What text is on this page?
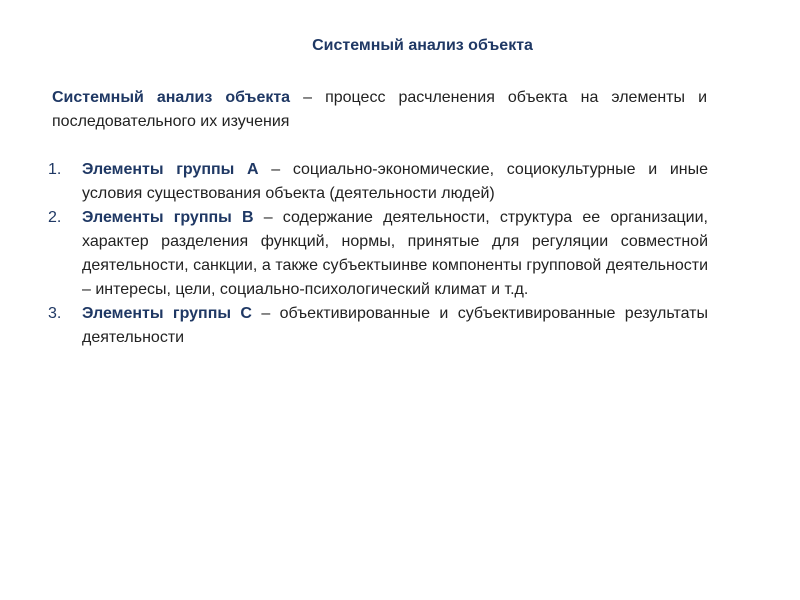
Системный анализ объекта
Системный анализ объекта – процесс расчленения объекта на элементы и последовательного их изучения
1.	Элементы группы А – социально-экономические, социокультурные и иные условия существования объекта (деятельности людей)
2.	Элементы группы В – содержание деятельности, структура ее организации, характер разделения функций, нормы, принятые для регуляции совместной деятельности, санкции, а также субъектыинве компоненты групповой деятельности – интересы, цели, социально-психологический климат и т.д.
3.	Элементы группы С – объективированные и субъективированные результаты деятельности
